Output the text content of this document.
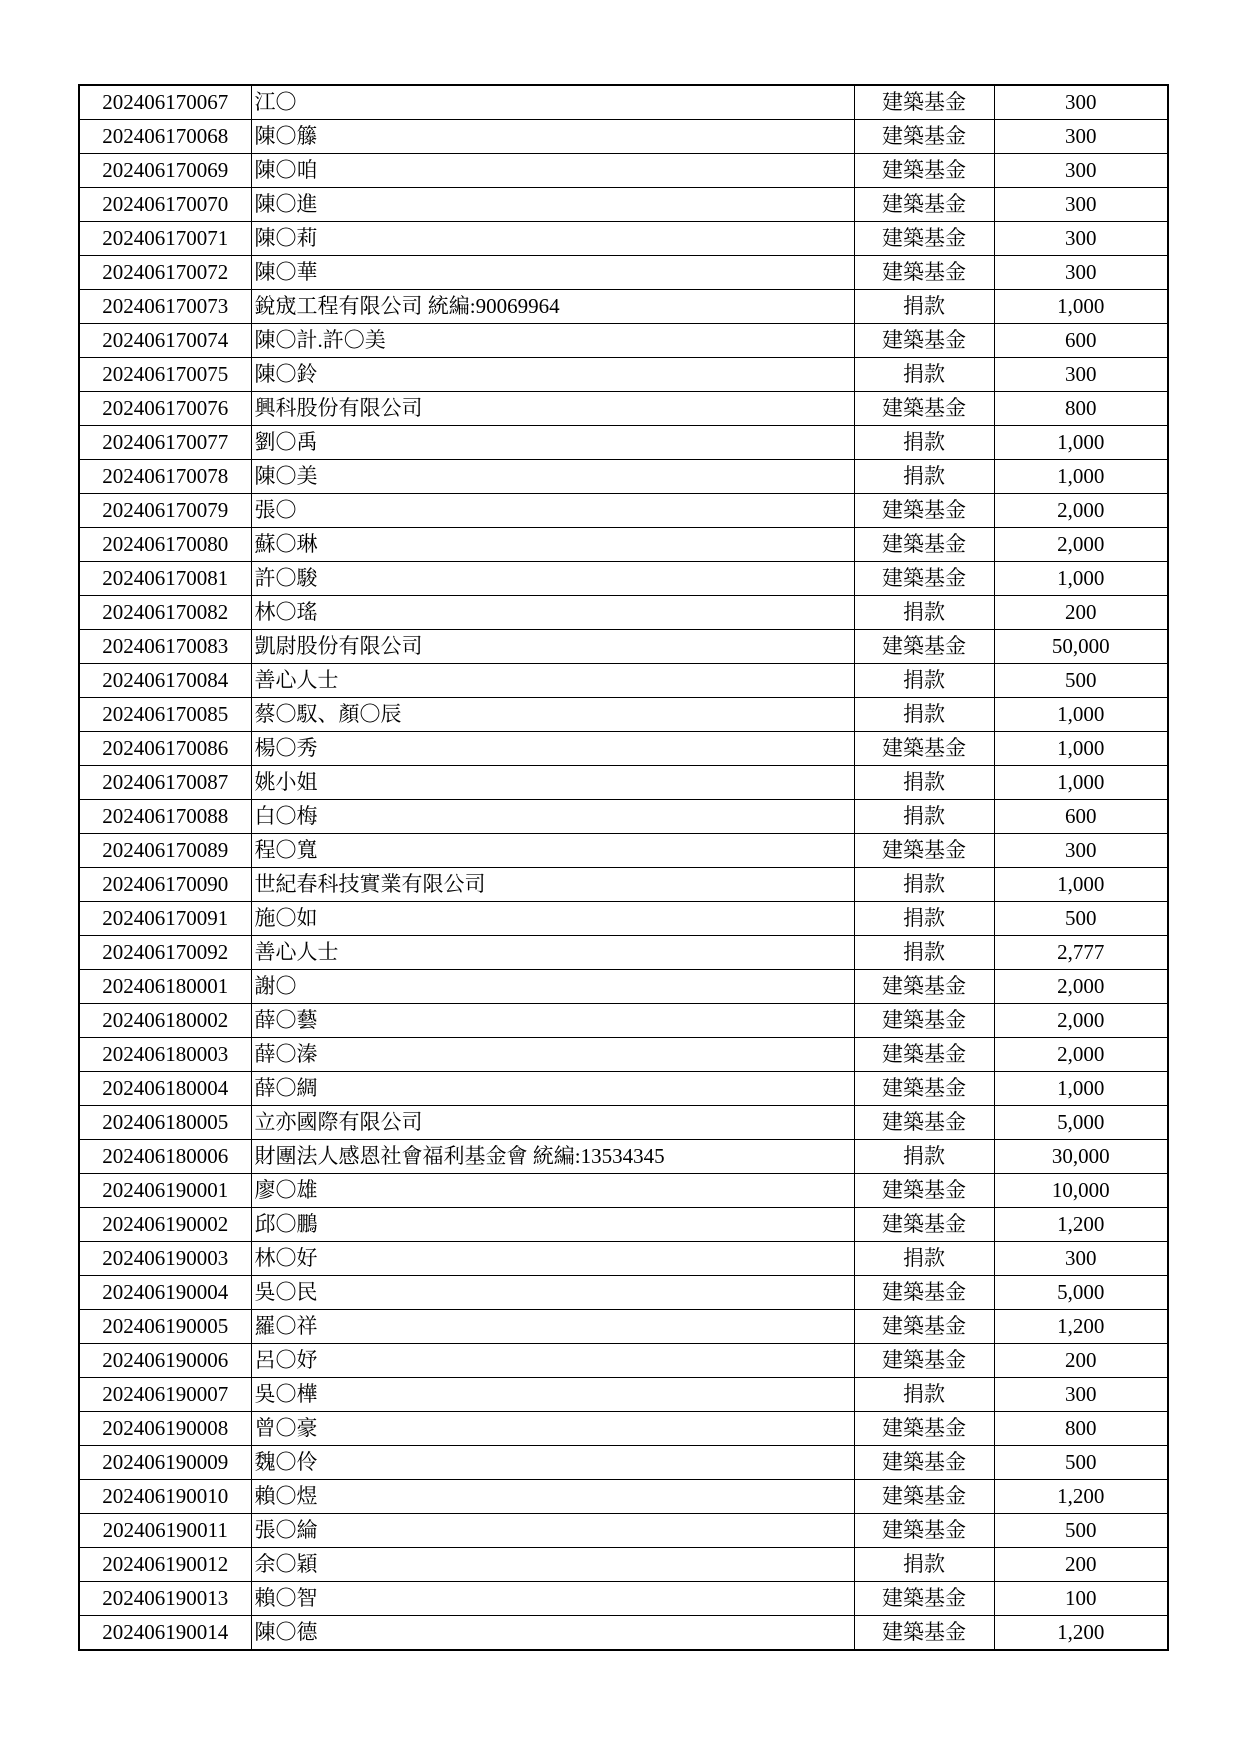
202406170067	江〇	建築基金	300
202406170068	陳〇籐	建築基金	300
202406170069	陳〇咱	建築基金	300
202406170070	陳〇進	建築基金	300
202406170071	陳〇莉	建築基金	300
202406170072	陳〇華	建築基金	300
202406170073	銳宬工程有限公司 統編:90069964	捐款	1,000
202406170074	陳〇計.許〇美	建築基金	600
202406170075	陳〇鈴	捐款	300
202406170076	興科股份有限公司	建築基金	800
202406170077	劉〇禹	捐款	1,000
202406170078	陳〇美	捐款	1,000
202406170079	張〇	建築基金	2,000
202406170080	蘇〇琳	建築基金	2,000
202406170081	許〇駿	建築基金	1,000
202406170082	林〇瑤	捐款	200
202406170083	凱尉股份有限公司	建築基金	50,000
202406170084	善心人士	捐款	500
202406170085	蔡〇馭、顏〇辰	捐款	1,000
202406170086	楊〇秀	建築基金	1,000
202406170087	姚小姐	捐款	1,000
202406170088	白〇梅	捐款	600
202406170089	程〇寬	建築基金	300
202406170090	世紀春科技實業有限公司	捐款	1,000
202406170091	施〇如	捐款	500
202406170092	善心人士	捐款	2,777
202406180001	謝〇	建築基金	2,000
202406180002	薛〇藝	建築基金	2,000
202406180003	薛〇溱	建築基金	2,000
202406180004	薛〇綢	建築基金	1,000
202406180005	立亦國際有限公司	建築基金	5,000
202406180006	財團法人感恩社會福利基金會 統編:13534345	捐款	30,000
202406190001	廖〇雄	建築基金	10,000
202406190002	邱〇鵬	建築基金	1,200
202406190003	林〇好	捐款	300
202406190004	吳〇民	建築基金	5,000
202406190005	羅〇祥	建築基金	1,200
202406190006	呂〇妤	建築基金	200
202406190007	吳〇樺	捐款	300
202406190008	曾〇豪	建築基金	800
202406190009	魏〇伶	建築基金	500
202406190010	賴〇煜	建築基金	1,200
202406190011	張〇綸	建築基金	500
202406190012	余〇穎	捐款	200
202406190013	賴〇智	建築基金	100
202406190014	陳〇德	建築基金	1,200
